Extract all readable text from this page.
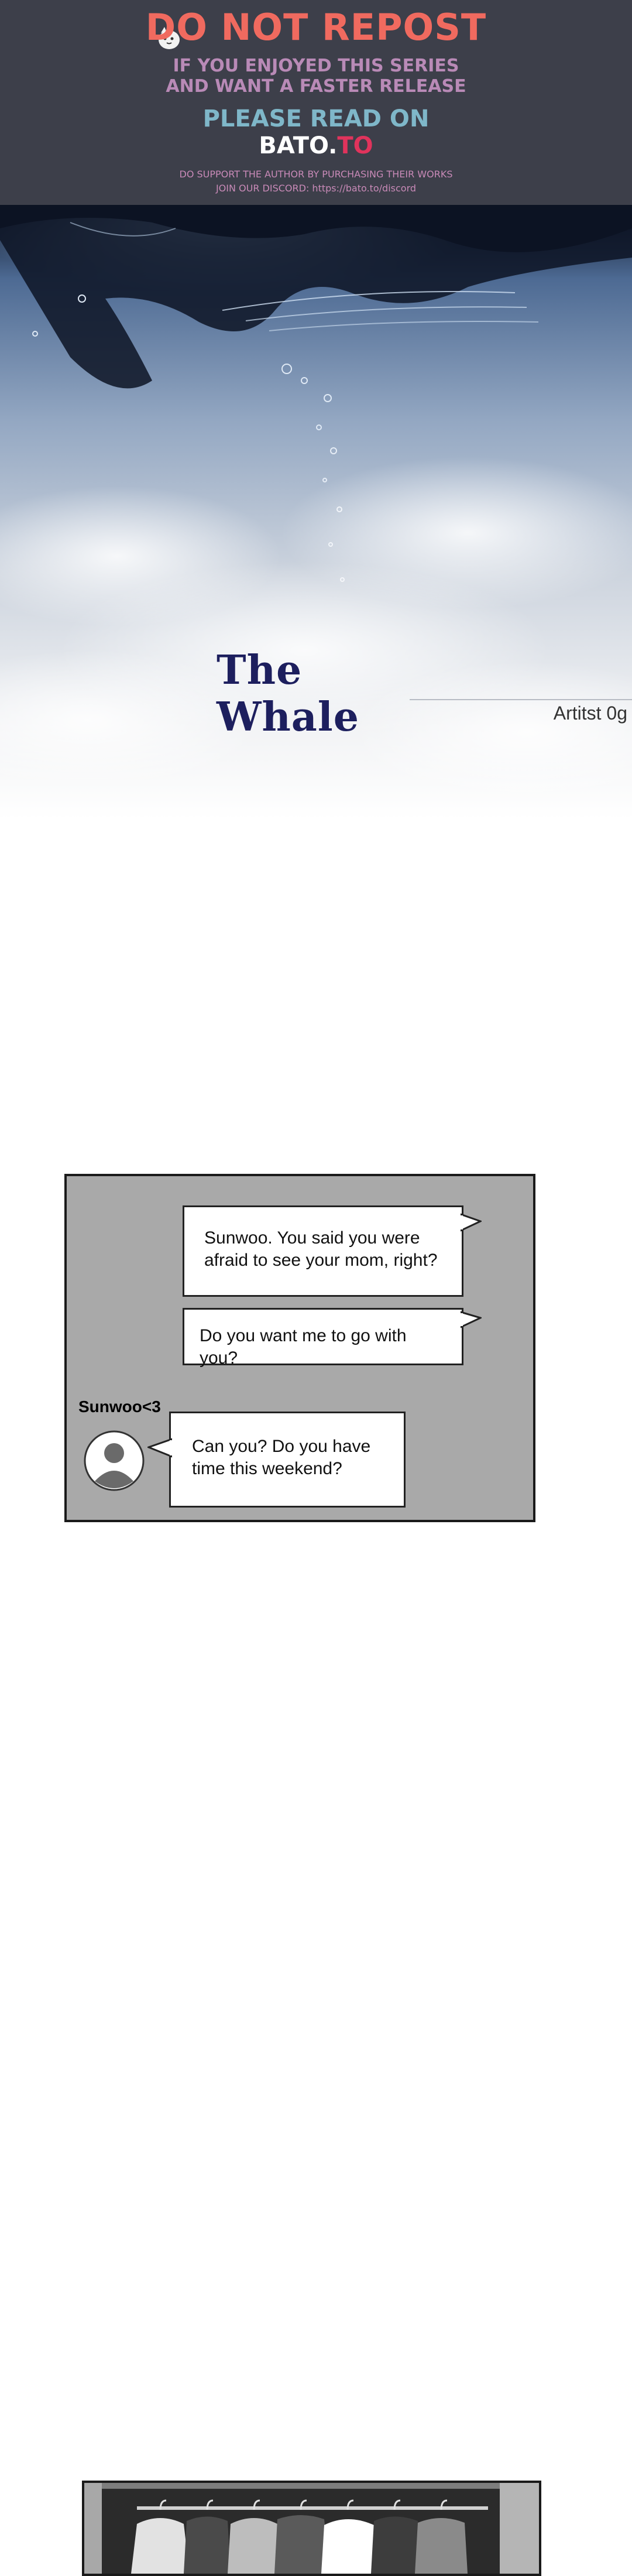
DO NOT REPOST
IF YOU ENJOYED THIS SERIES
AND WANT A FASTER RELEASE
PLEASE READ ON
BATO.TO
DO SUPPORT THE AUTHOR BY PURCHASING THEIR WORKS
JOIN OUR DISCORD: https://bato.to/discord
The Whale	Artitst 0g
Sunwoo. You said you were afraid to see your mom, right?
Do you want me to go with you?
Sunwoo<3
Can you? Do you have time this weekend?
